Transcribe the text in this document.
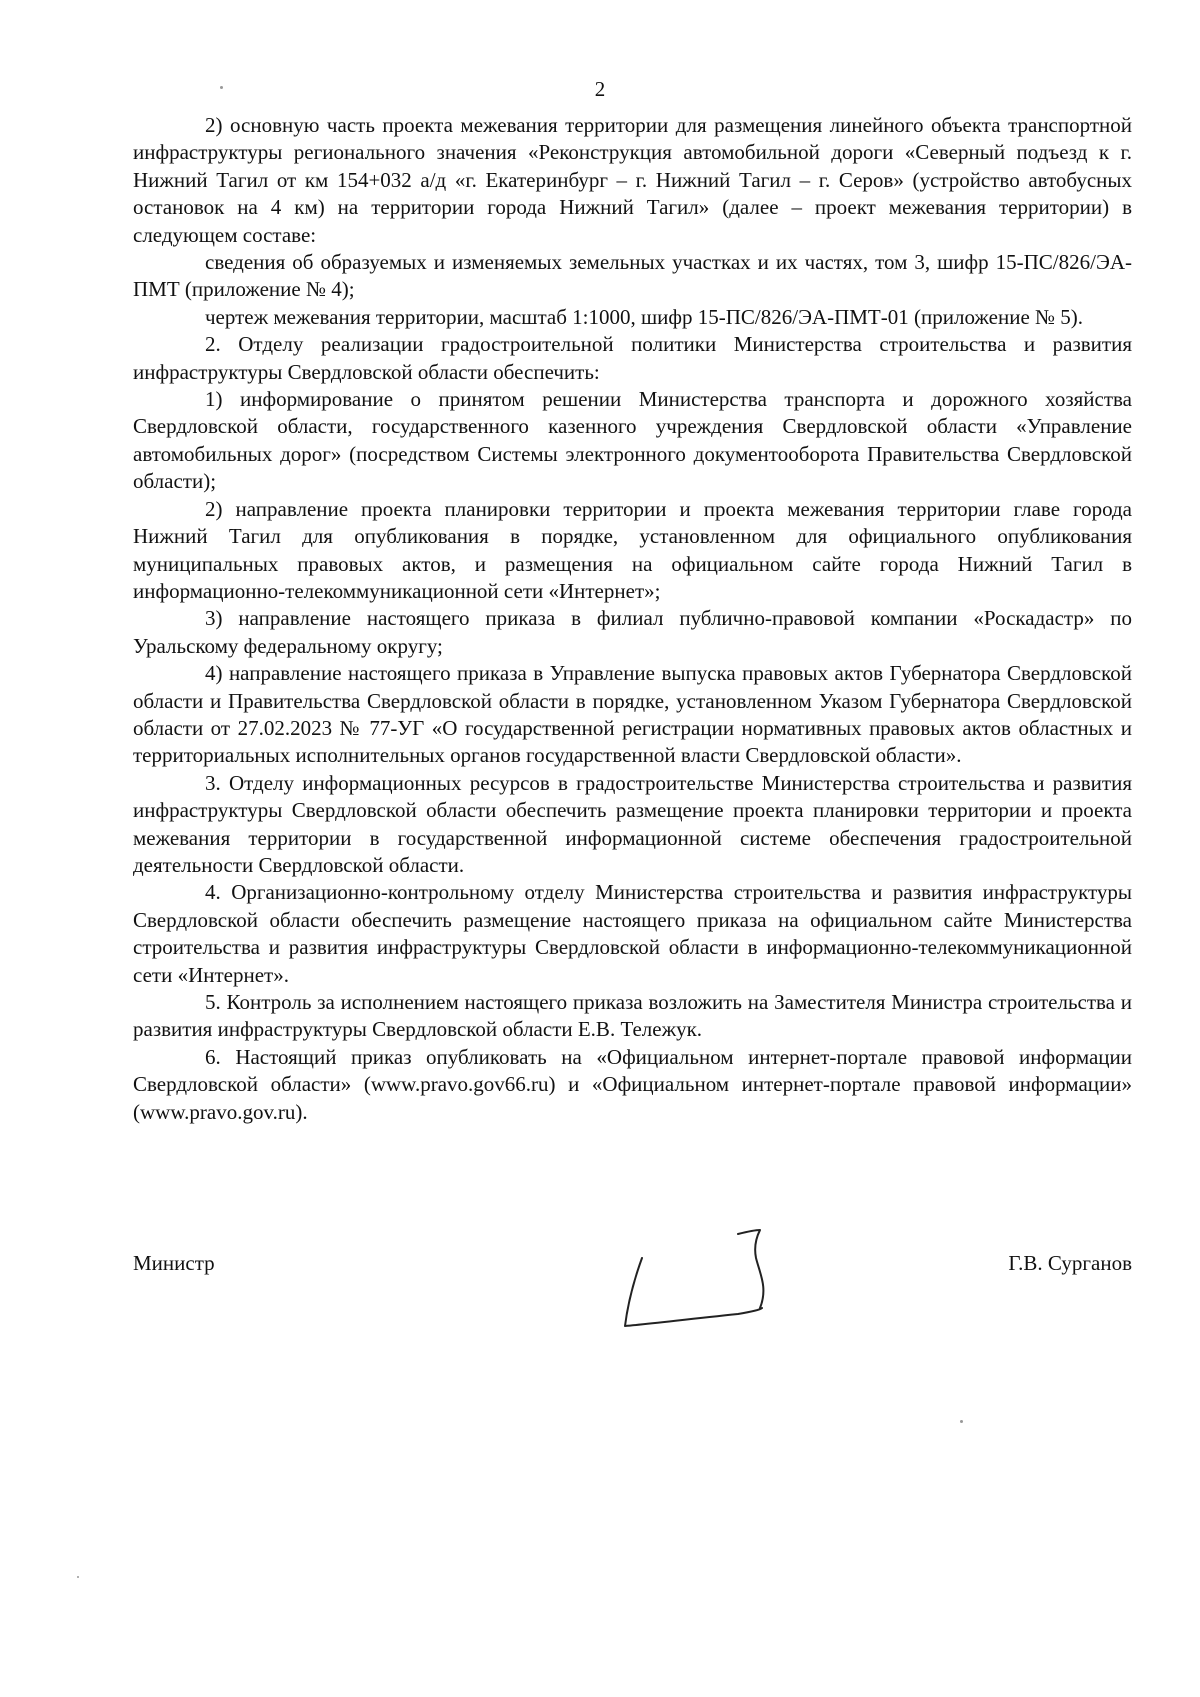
2

2) основную часть проекта межевания территории для размещения линейного объекта транспортной инфраструктуры регионального значения «Реконструкция автомобильной дороги «Северный подъезд к г. Нижний Тагил от км 154+032 а/д «г. Екатеринбург – г. Нижний Тагил – г. Серов» (устройство автобусных остановок на 4 км) на территории города Нижний Тагил» (далее – проект межевания территории) в следующем составе:

сведения об образуемых и изменяемых земельных участках и их частях, том 3, шифр 15-ПС/826/ЭА-ПМТ (приложение № 4);

чертеж межевания территории, масштаб 1:1000, шифр 15-ПС/826/ЭА-ПМТ-01 (приложение № 5).

2. Отделу реализации градостроительной политики Министерства строительства и развития инфраструктуры Свердловской области обеспечить:

1) информирование о принятом решении Министерства транспорта и дорожного хозяйства Свердловской области, государственного казенного учреждения Свердловской области «Управление автомобильных дорог» (посредством Системы электронного документооборота Правительства Свердловской области);

2) направление проекта планировки территории и проекта межевания территории главе города Нижний Тагил для опубликования в порядке, установленном для официального опубликования муниципальных правовых актов, и размещения на официальном сайте города Нижний Тагил в информационно-телекоммуникационной сети «Интернет»;

3) направление настоящего приказа в филиал публично-правовой компании «Роскадастр» по Уральскому федеральному округу;

4) направление настоящего приказа в Управление выпуска правовых актов Губернатора Свердловской области и Правительства Свердловской области в порядке, установленном Указом Губернатора Свердловской области от 27.02.2023 № 77-УГ «О государственной регистрации нормативных правовых актов областных и территориальных исполнительных органов государственной власти Свердловской области».

3. Отделу информационных ресурсов в градостроительстве Министерства строительства и развития инфраструктуры Свердловской области обеспечить размещение проекта планировки территории и проекта межевания территории в государственной информационной системе обеспечения градостроительной деятельности Свердловской области.

4. Организационно-контрольному отделу Министерства строительства и развития инфраструктуры Свердловской области обеспечить размещение настоящего приказа на официальном сайте Министерства строительства и развития инфраструктуры Свердловской области в информационно-телекоммуникационной сети «Интернет».

5. Контроль за исполнением настоящего приказа возложить на Заместителя Министра строительства и развития инфраструктуры Свердловской области Е.В. Тележук.

6. Настоящий приказ опубликовать на «Официальном интернет-портале правовой информации Свердловской области» (www.pravo.gov66.ru) и «Официальном интернет-портале правовой информации» (www.pravo.gov.ru).

Министр	Г.В. Сурганов
